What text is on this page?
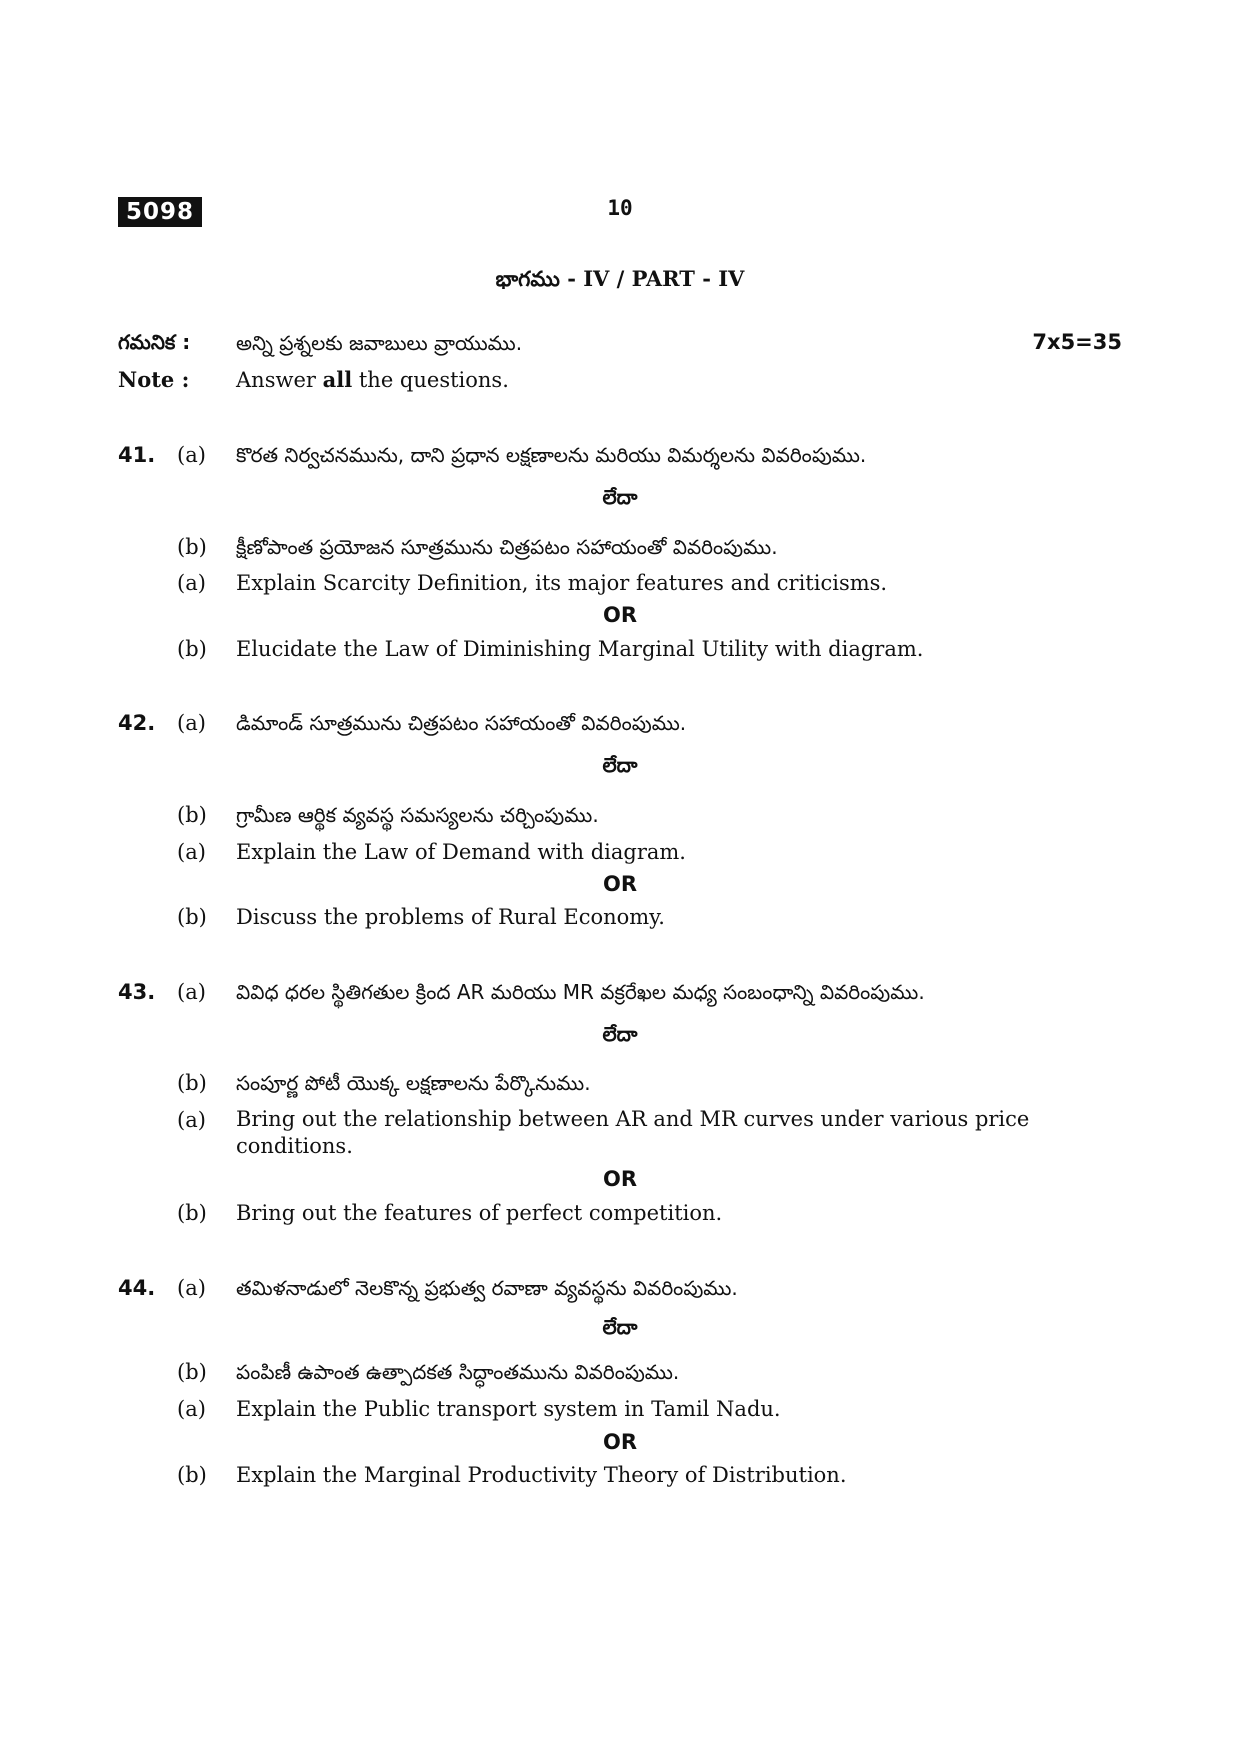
5098	10
భాగము - IV / PART - IV
గమనిక : అన్ని ప్రశ్నలకు జవాబులు వ్రాయుము.	7x5=35
Note : Answer all the questions.
41. (a) కొరత నిర్వచనమును, దాని ప్రధాన లక్షణాలను మరియు విమర్శలను వివరింపుము.
లేదా
(b) క్షీణోపాంత ప్రయోజన సూత్రమును చిత్రపటం సహాయంతో వివరింపుము.
(a) Explain Scarcity Definition, its major features and criticisms.
OR
(b) Elucidate the Law of Diminishing Marginal Utility with diagram.
42. (a) డిమాండ్ సూత్రమును చిత్రపటం సహాయంతో వివరింపుము.
లేదా
(b) గ్రామీణ ఆర్థిక వ్యవస్థ సమస్యలను చర్చింపుము.
(a) Explain the Law of Demand with diagram.
OR
(b) Discuss the problems of Rural Economy.
43. (a) వివిధ ధరల స్థితిగతుల క్రింద AR మరియు MR వక్రరేఖల మధ్య సంబంధాన్ని వివరింపుము.
లేదా
(b) సంపూర్ణ పోటీ యొక్క లక్షణాలను పేర్కొనుము.
(a) Bring out the relationship between AR and MR curves under various price conditions.
OR
(b) Bring out the features of perfect competition.
44. (a) తమిళనాడులో నెలకొన్న ప్రభుత్వ రవాణా వ్యవస్థను వివరింపుము.
లేదా
(b) పంపిణీ ఉపాంత ఉత్పాదకత సిద్ధాంతమును వివరింపుము.
(a) Explain the Public transport system in Tamil Nadu.
OR
(b) Explain the Marginal Productivity Theory of Distribution.
